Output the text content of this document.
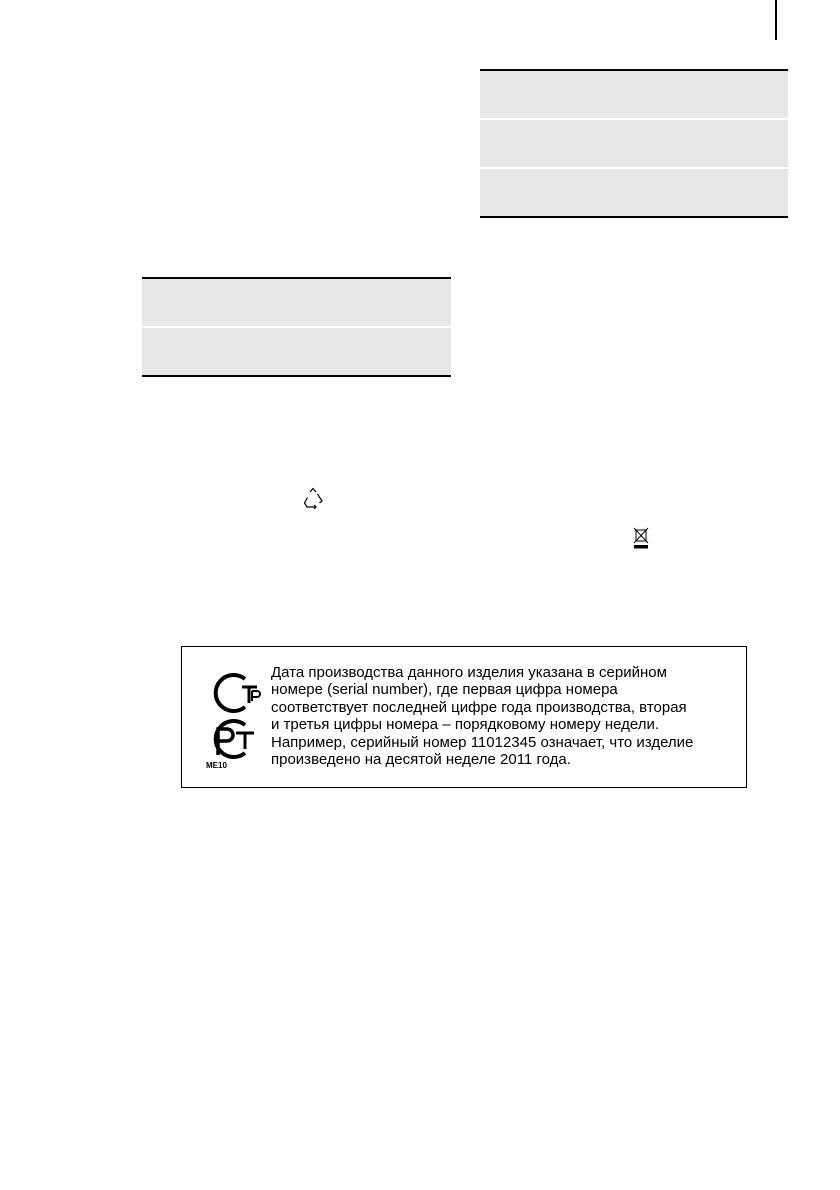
Дата производства данного изделия указана в серийном
номере (serial number), где первая цифра номера
соответствует последней цифре года производства, вторая
и третья цифры номера – порядковому номеру недели.
Например, серийный номер 11012345 означает, что изделие
произведено на десятой неделе 2011 года.

ME10
